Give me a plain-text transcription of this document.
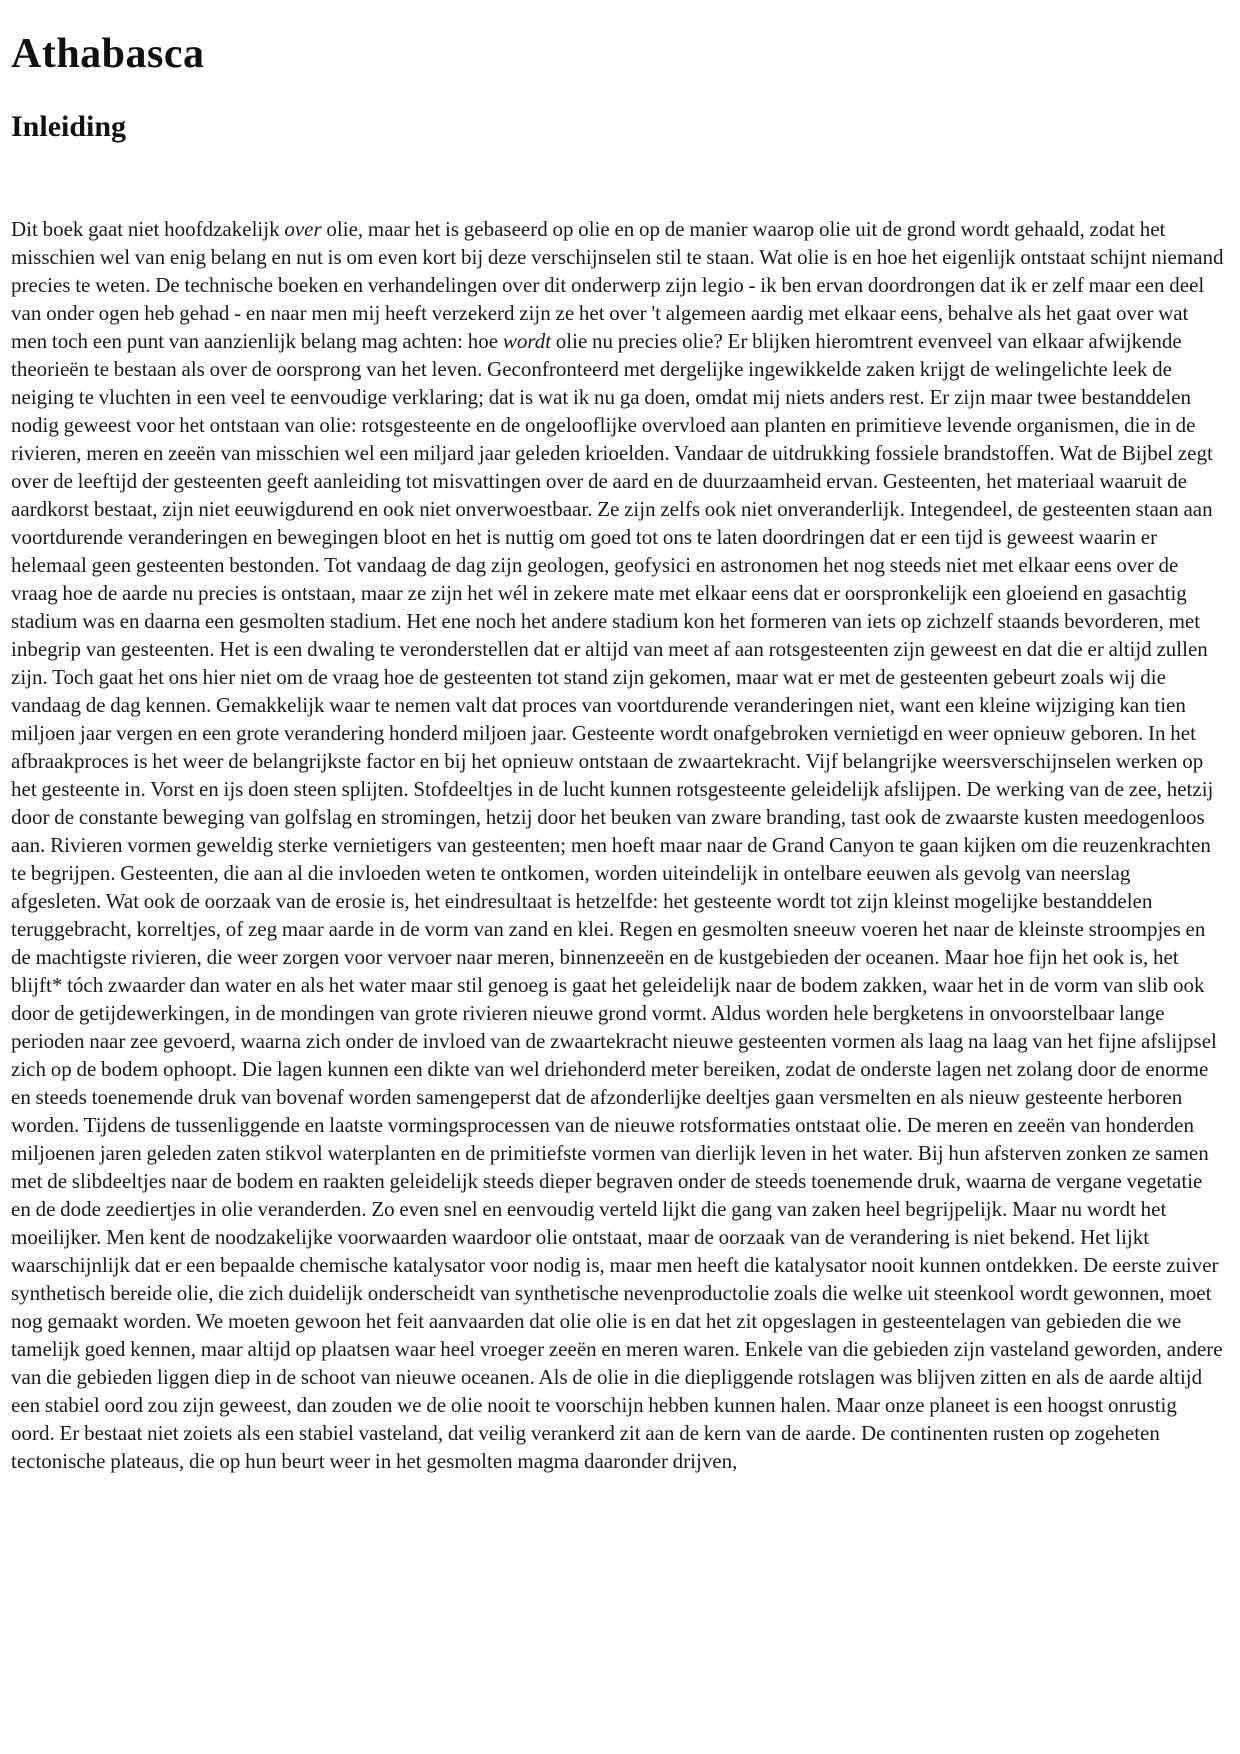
Athabasca
Inleiding

Dit boek gaat niet hoofdzakelijk over olie, maar het is gebaseerd op olie en op de manier waarop olie uit de grond wordt gehaald, zodat het misschien wel van enig belang en nut is om even kort bij deze verschijnselen stil te staan. Wat olie is en hoe het eigenlijk ontstaat schijnt niemand precies te weten. De technische boeken en verhandelingen over dit onderwerp zijn legio - ik ben ervan doordrongen dat ik er zelf maar een deel van onder ogen heb gehad - en naar men mij heeft verzekerd zijn ze het over 't algemeen aardig met elkaar eens, behalve als het gaat over wat men toch een punt van aanzienlijk belang mag achten: hoe wordt olie nu precies olie? Er blijken hieromtrent evenveel van elkaar afwijkende theorieën te bestaan als over de oorsprong van het leven. Geconfronteerd met dergelijke ingewikkelde zaken krijgt de welingelichte leek de neiging te vluchten in een veel te eenvoudige verklaring; dat is wat ik nu ga doen, omdat mij niets anders rest. Er zijn maar twee bestanddelen nodig geweest voor het ontstaan van olie: rotsgesteente en de ongelooflijke overvloed aan planten en primitieve levende organismen, die in de rivieren, meren en zeeën van misschien wel een miljard jaar geleden krioelden. Vandaar de uitdrukking fossiele brandstoffen. Wat de Bijbel zegt over de leeftijd der gesteenten geeft aanleiding tot misvattingen over de aard en de duurzaamheid ervan. Gesteenten, het materiaal waaruit de aardkorst bestaat, zijn niet eeuwigdurend en ook niet onverwoestbaar. Ze zijn zelfs ook niet onveranderlijk. Integendeel, de gesteenten staan aan voortdurende veranderingen en bewegingen bloot en het is nuttig om goed tot ons te laten doordringen dat er een tijd is geweest waarin er helemaal geen gesteenten bestonden. Tot vandaag de dag zijn geologen, geofysici en astronomen het nog steeds niet met elkaar eens over de vraag hoe de aarde nu precies is ontstaan, maar ze zijn het wél in zekere mate met elkaar eens dat er oorspronkelijk een gloeiend en gasachtig stadium was en daarna een gesmolten stadium. Het ene noch het andere stadium kon het formeren van iets op zichzelf staands bevorderen, met inbegrip van gesteenten. Het is een dwaling te veronderstellen dat er altijd van meet af aan rotsgesteenten zijn geweest en dat die er altijd zullen zijn. Toch gaat het ons hier niet om de vraag hoe de gesteenten tot stand zijn gekomen, maar wat er met de gesteenten gebeurt zoals wij die vandaag de dag kennen. Gemakkelijk waar te nemen valt dat proces van voortdurende veranderingen niet, want een kleine wijziging kan tien miljoen jaar vergen en een grote verandering honderd miljoen jaar. Gesteente wordt onafgebroken vernietigd en weer opnieuw geboren. In het afbraakproces is het weer de belangrijkste factor en bij het opnieuw ontstaan de zwaartekracht. Vijf belangrijke weersverschijnselen werken op het gesteente in. Vorst en ijs doen steen splijten. Stofdeeltjes in de lucht kunnen rotsgesteente geleidelijk afslijpen. De werking van de zee, hetzij door de constante beweging van golfslag en stromingen, hetzij door het beuken van zware branding, tast ook de zwaarste kusten meedogenloos aan. Rivieren vormen geweldig sterke vernietigers van gesteenten; men hoeft maar naar de Grand Canyon te gaan kijken om die reuzenkrachten te begrijpen. Gesteenten, die aan al die invloeden weten te ontkomen, worden uiteindelijk in ontelbare eeuwen als gevolg van neerslag afgesleten. Wat ook de oorzaak van de erosie is, het eindresultaat is hetzelfde: het gesteente wordt tot zijn kleinst mogelijke bestanddelen teruggebracht, korreltjes, of zeg maar aarde in de vorm van zand en klei. Regen en gesmolten sneeuw voeren het naar de kleinste stroompjes en de machtigste rivieren, die weer zorgen voor vervoer naar meren, binnenzeeën en de kustgebieden der oceanen. Maar hoe fijn het ook is, het blijft* tóch zwaarder dan water en als het water maar stil genoeg is gaat het geleidelijk naar de bodem zakken, waar het in de vorm van slib ook door de getijdewerkingen, in de mondingen van grote rivieren nieuwe grond vormt. Aldus worden hele bergketens in onvoorstelbaar lange perioden naar zee gevoerd, waarna zich onder de invloed van de zwaartekracht nieuwe gesteenten vormen als laag na laag van het fijne afslijpsel zich op de bodem ophoopt. Die lagen kunnen een dikte van wel driehonderd meter bereiken, zodat de onderste lagen net zolang door de enorme en steeds toenemende druk van bovenaf worden samengeperst dat de afzonderlijke deeltjes gaan versmelten en als nieuw gesteente herboren worden. Tijdens de tussenliggende en laatste vormingsprocessen van de nieuwe rotsformaties ontstaat olie. De meren en zeeën van honderden miljoenen jaren geleden zaten stikvol waterplanten en de primitiefste vormen van dierlijk leven in het water. Bij hun afsterven zonken ze samen met de slibdeeltjes naar de bodem en raakten geleidelijk steeds dieper begraven onder de steeds toenemende druk, waarna de vergane vegetatie en de dode zeediertjes in olie veranderden. Zo even snel en eenvoudig verteld lijkt die gang van zaken heel begrijpelijk. Maar nu wordt het moeilijker. Men kent de noodzakelijke voorwaarden waardoor olie ontstaat, maar de oorzaak van de verandering is niet bekend. Het lijkt waarschijnlijk dat er een bepaalde chemische katalysator voor nodig is, maar men heeft die katalysator nooit kunnen ontdekken. De eerste zuiver synthetisch bereide olie, die zich duidelijk onderscheidt van synthetische nevenproductolie zoals die welke uit steenkool wordt gewonnen, moet nog gemaakt worden. We moeten gewoon het feit aanvaarden dat olie olie is en dat het zit opgeslagen in gesteentelagen van gebieden die we tamelijk goed kennen, maar altijd op plaatsen waar heel vroeger zeeën en meren waren. Enkele van die gebieden zijn vasteland geworden, andere van die gebieden liggen diep in de schoot van nieuwe oceanen. Als de olie in die diepliggende rotslagen was blijven zitten en als de aarde altijd een stabiel oord zou zijn geweest, dan zouden we de olie nooit te voorschijn hebben kunnen halen. Maar onze planeet is een hoogst onrustig oord. Er bestaat niet zoiets als een stabiel vasteland, dat veilig verankerd zit aan de kern van de aarde. De continenten rusten op zogeheten tectonische plateaus, die op hun beurt weer in het gesmolten magma daaronder drijven,
